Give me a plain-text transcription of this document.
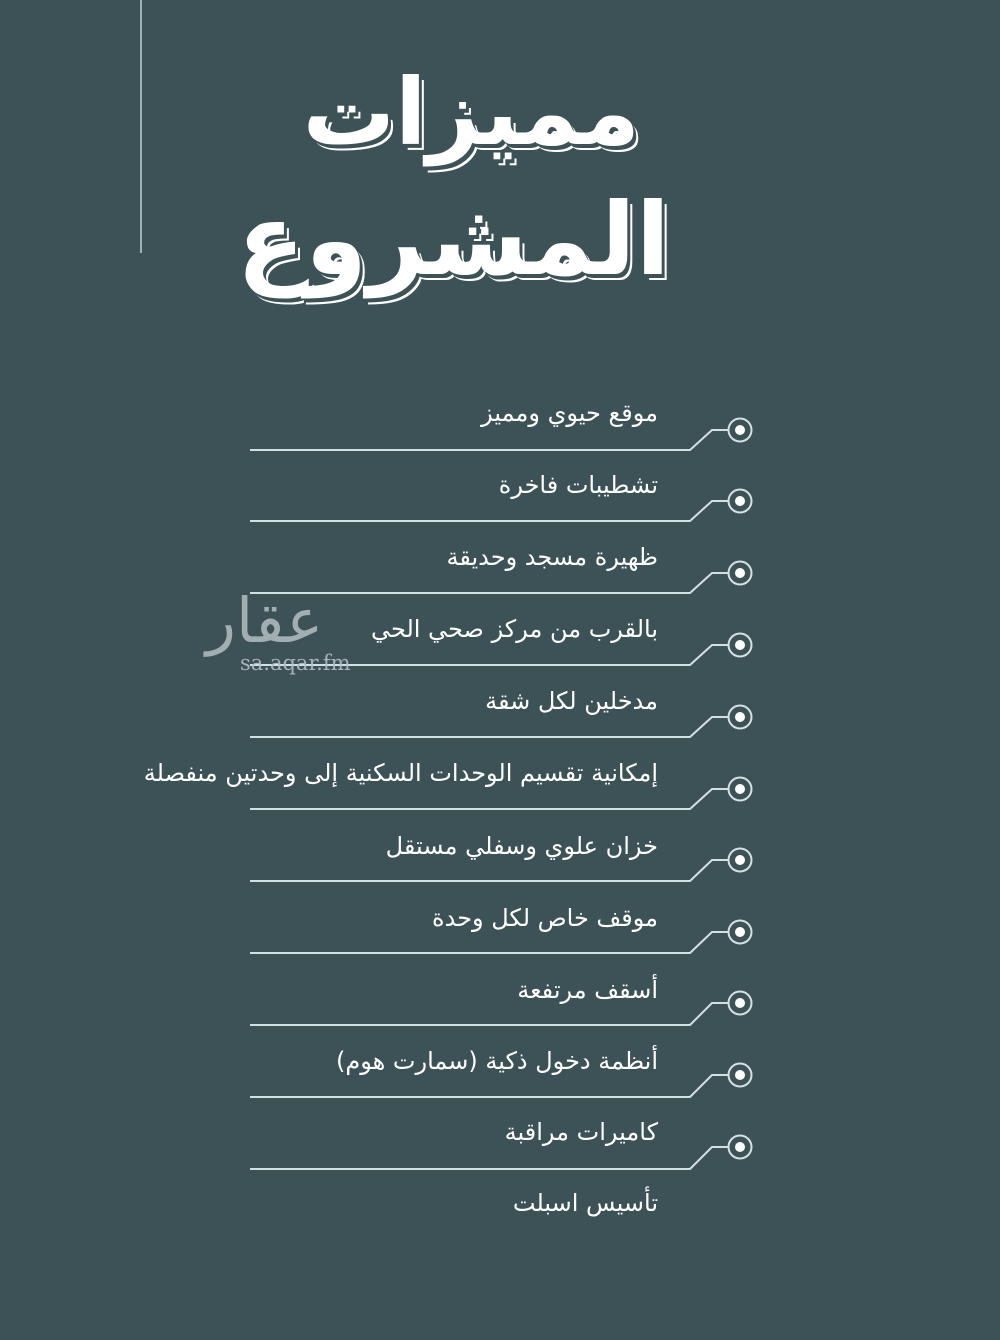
مميزات
المشروع
موقع حيوي ومميز
تشطيبات فاخرة
ظهيرة مسجد وحديقة
بالقرب من مركز صحي الحي
مدخلين لكل شقة
إمكانية تقسيم الوحدات السكنية إلى وحدتين منفصلة
خزان علوي وسفلي مستقل
موقف خاص لكل وحدة
أسقف مرتفعة
أنظمة دخول ذكية (سمارت هوم)
كاميرات مراقبة
تأسيس اسبلت
عقار
sa.aqar.fm
